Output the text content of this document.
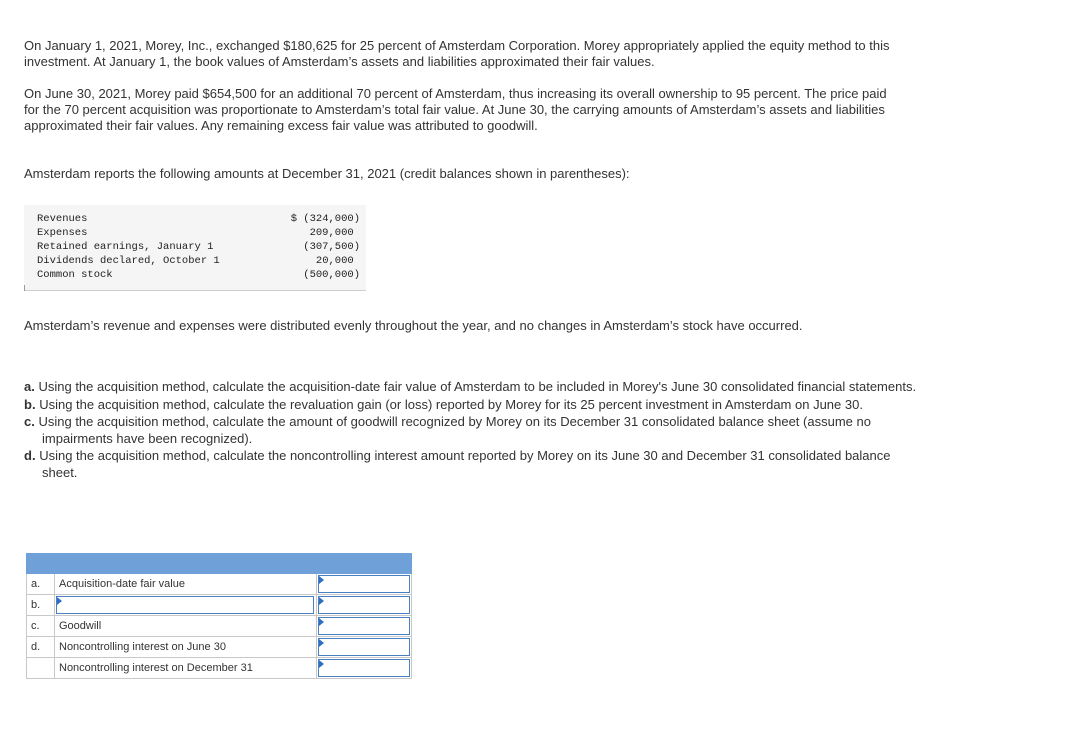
On January 1, 2021, Morey, Inc., exchanged $180,625 for 25 percent of Amsterdam Corporation. Morey appropriately applied the equity method to this investment. At January 1, the book values of Amsterdam’s assets and liabilities approximated their fair values.

On June 30, 2021, Morey paid $654,500 for an additional 70 percent of Amsterdam, thus increasing its overall ownership to 95 percent. The price paid for the 70 percent acquisition was proportionate to Amsterdam’s total fair value. At June 30, the carrying amounts of Amsterdam’s assets and liabilities approximated their fair values. Any remaining excess fair value was attributed to goodwill.

Amsterdam reports the following amounts at December 31, 2021 (credit balances shown in parentheses):

Revenues	$ (324,000)
Expenses	209,000
Retained earnings, January 1	(307,500)
Dividends declared, October 1	20,000
Common stock	(500,000)

Amsterdam’s revenue and expenses were distributed evenly throughout the year, and no changes in Amsterdam’s stock have occurred.

a. Using the acquisition method, calculate the acquisition-date fair value of Amsterdam to be included in Morey's June 30 consolidated financial statements.
b. Using the acquisition method, calculate the revaluation gain (or loss) reported by Morey for its 25 percent investment in Amsterdam on June 30.
c. Using the acquisition method, calculate the amount of goodwill recognized by Morey on its December 31 consolidated balance sheet (assume no impairments have been recognized).
d. Using the acquisition method, calculate the noncontrolling interest amount reported by Morey on its June 30 and December 31 consolidated balance sheet.

a.	Acquisition-date fair value	

b.	

c.	Goodwill	

d.	Noncontrolling interest on June 30	

	Noncontrolling interest on December 31	
